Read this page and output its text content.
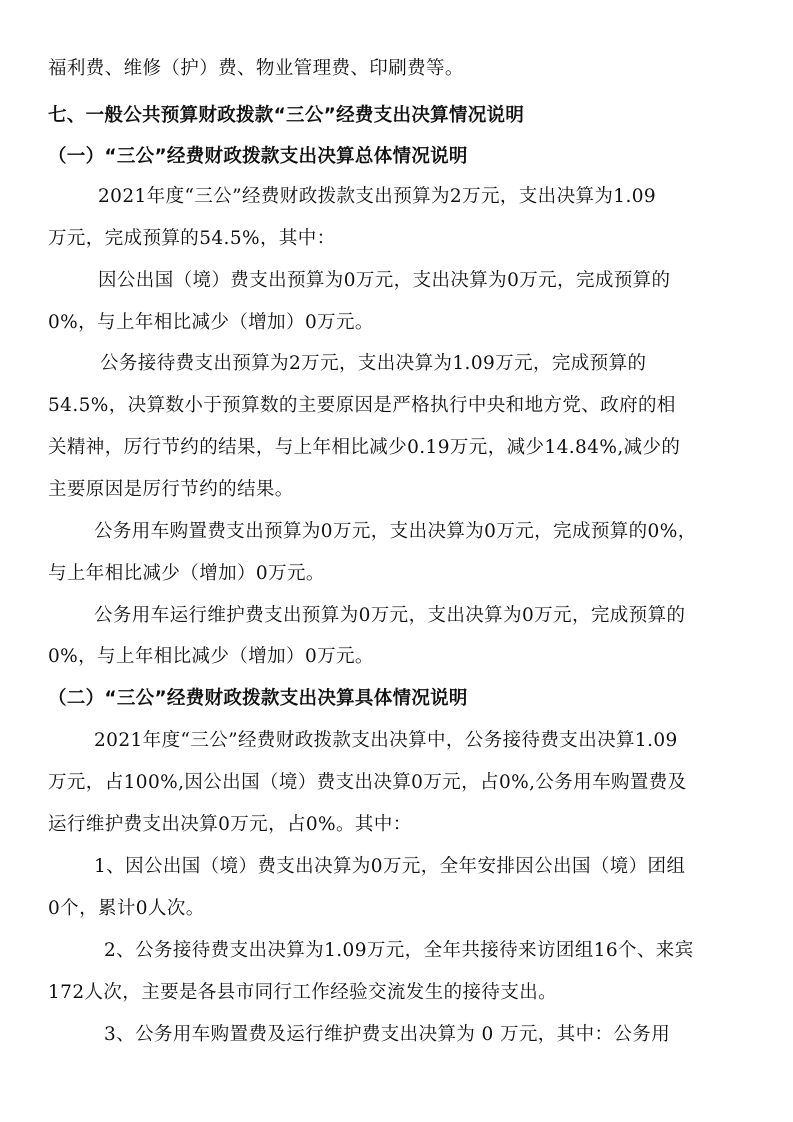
福利费、维修（护）费、物业管理费、印刷费等。
七、一般公共预算财政拨款“三公”经费支出决算情况说明
（一）“三公”经费财政拨款支出决算总体情况说明
2021年度“三公”经费财政拨款支出预算为2万元，支出决算为1.09
万元，完成预算的54.5%，其中：
因公出国（境）费支出预算为0万元，支出决算为0万元，完成预算的
0%，与上年相比减少（增加）0万元。
公务接待费支出预算为2万元，支出决算为1.09万元，完成预算的
54.5%，决算数小于预算数的主要原因是严格执行中央和地方党、政府的相
关精神，厉行节约的结果，与上年相比减少0.19万元，减少14.84%,减少的
主要原因是厉行节约的结果。
公务用车购置费支出预算为0万元，支出决算为0万元，完成预算的0%，
与上年相比减少（增加）0万元。
公务用车运行维护费支出预算为0万元，支出决算为0万元，完成预算的
0%，与上年相比减少（增加）0万元。
（二）“三公”经费财政拨款支出决算具体情况说明
2021年度“三公”经费财政拨款支出决算中，公务接待费支出决算1.09
万元，占100%,因公出国（境）费支出决算0万元，占0%,公务用车购置费及
运行维护费支出决算0万元，占0%。其中：
1、因公出国（境）费支出决算为0万元，全年安排因公出国（境）团组
0个，累计0人次。
2、公务接待费支出决算为1.09万元，全年共接待来访团组16个、来宾
172人次，主要是各县市同行工作经验交流发生的接待支出。
3、公务用车购置费及运行维护费支出决算为 0 万元，其中：公务用
